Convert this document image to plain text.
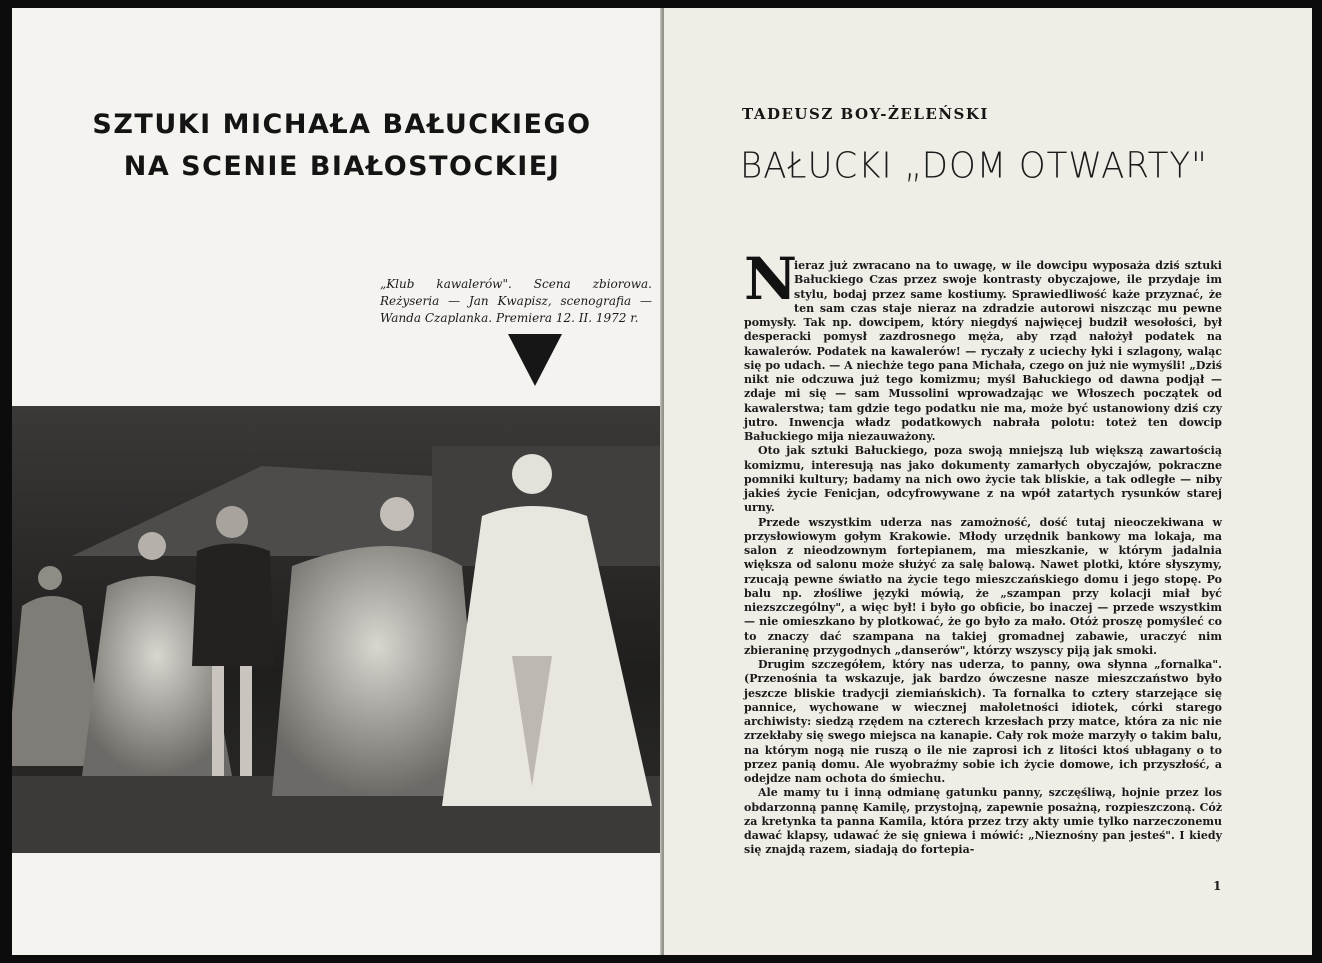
SZTUKI MICHAŁA BAŁUCKIEGO
NA SCENIE BIAŁOSTOCKIEJ
„Klub kawalerów". Scena zbiorowa. Reżyseria — Jan Kwapisz, scenografia — Wanda Czaplanka. Premiera 12. II. 1972 r.
TADEUSZ BOY-ŻELEŃSKI
BAŁUCKI „DOM OTWARTY"
N

ieraz już zwracano na to uwagę, w ile dowcipu wyposaża dziś sztuki Bałuckiego Czas przez swoje kontrasty obyczajowe, ile przydaje im stylu, bodaj przez same kostiumy. Sprawiedliwość każe przyznać, że ten sam czas staje nieraz na zdradzie autorowi niszcząc mu pewne pomysły. Tak np. dowcipem, który niegdyś najwięcej budził wesołości, był desperacki pomysł zazdrosnego męża, aby rząd nałożył podatek na kawalerów. Podatek na kawalerów! — ryczały z uciechy łyki i szlagony, waląc się po udach. — A niechże tego pana Michała, czego on już nie wymyśli! „Dziś nikt nie odczuwa już tego komizmu; myśl Bałuckiego od dawna podjął — zdaje mi się — sam Mussolini wprowadzając we Włoszech początek od kawalerstwa; tam gdzie tego podatku nie ma, może być ustanowiony dziś czy jutro. Inwencja władz podatkowych nabrała polotu: toteż ten dowcip Bałuckiego mija niezauważony.

Oto jak sztuki Bałuckiego, poza swoją mniejszą lub większą zawartością komizmu, interesują nas jako dokumenty zamarłych obyczajów, pokraczne pomniki kultury; badamy na nich owo życie tak bliskie, a tak odległe — niby jakieś życie Fenicjan, odcyfrowywane z na wpół zatartych rysunków starej urny.

Przede wszystkim uderza nas zamożność, dość tutaj nieoczekiwana w przysłowiowym gołym Krakowie. Młody urzędnik bankowy ma lokaja, ma salon z nieodzownym fortepianem, ma mieszkanie, w którym jadalnia większa od salonu może służyć za salę balową. Nawet plotki, które słyszymy, rzucają pewne światło na życie tego mieszczańskiego domu i jego stopę. Po balu np. złośliwe języki mówią, że „szampan przy kolacji miał być niezszczególny", a więc był! i było go obficie, bo inaczej — przede wszystkim — nie omieszkano by plotkować, że go było za mało. Otóż proszę pomyśleć co to znaczy dać szampana na takiej gromadnej zabawie, uraczyć nim zbieraninę przygodnych „danserów", którzy wszyscy piją jak smoki.

Drugim szczegółem, który nas uderza, to panny, owa słynna „fornalka". (Przenośnia ta wskazuje, jak bardzo ówczesne nasze mieszczaństwo było jeszcze bliskie tradycji ziemiańskich). Ta fornalka to cztery starzejące się pannice, wychowane w wiecznej małoletności idiotek, córki starego archiwisty: siedzą rzędem na czterech krzesłach przy matce, która za nic nie zrzekłaby się swego miejsca na kanapie. Cały rok może marzyły o takim balu, na którym nogą nie ruszą o ile nie zaprosi ich z litości ktoś ubłagany o to przez panią domu. Ale wyobraźmy sobie ich życie domowe, ich przyszłość, a odejdze nam ochota do śmiechu.

Ale mamy tu i inną odmianę gatunku panny, szczęśliwą, hojnie przez los obdarzonną pannę Kamilę, przystojną, zapewnie posażną, rozpieszczoną. Cóż za kretynka ta panna Kamila, która przez trzy akty umie tylko narzeczonemu dawać klapsy, udawać że się gniewa i mówić: „Nieznośny pan jesteś". I kiedy się znajdą razem, siadają do fortepia-

1
